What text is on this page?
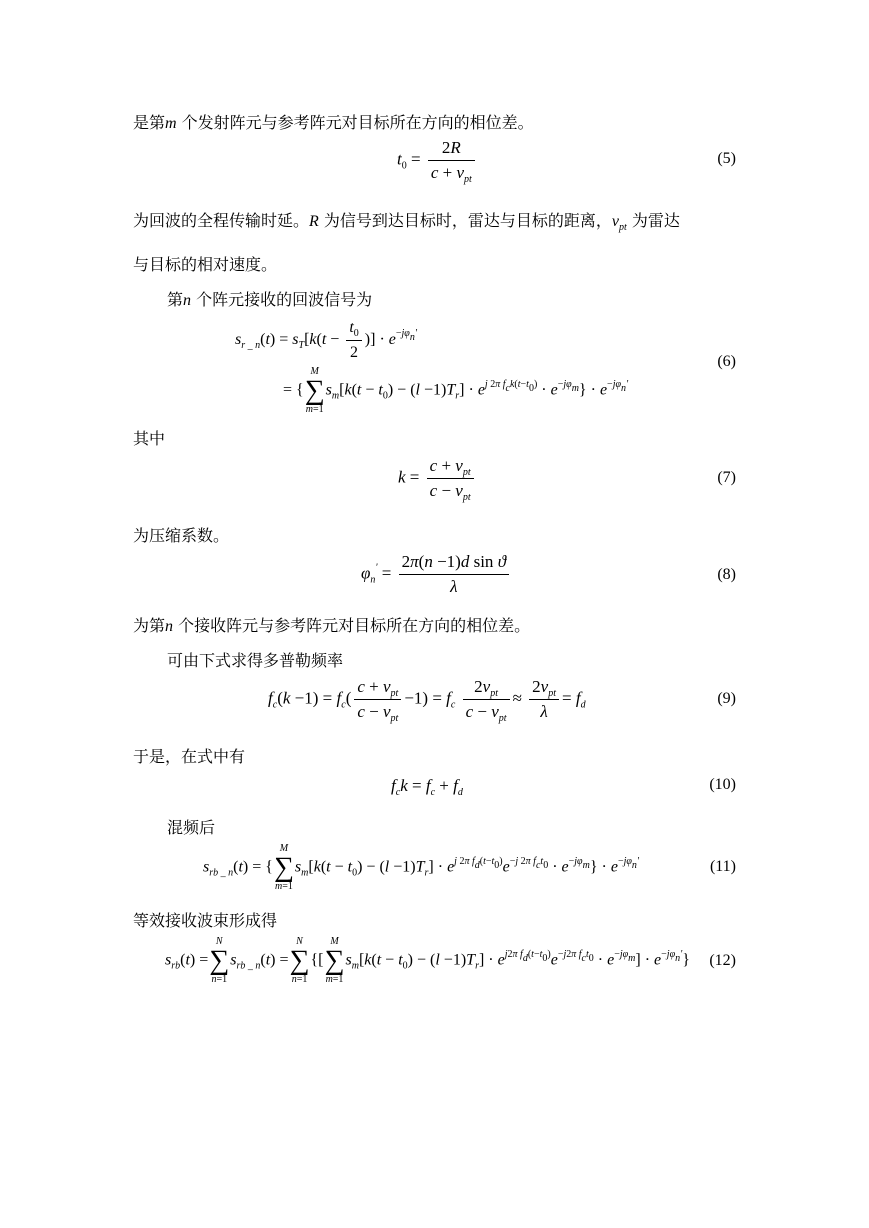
是第m 个发射阵元与参考阵元对目标所在方向的相位差。
$t_0 = \frac{2R}{c + v_{pt}}$	(5)
为回波的全程传输时延。R 为信号到达目标时，雷达与目标的距离，$v_{pt}$ 为雷达
与目标的相对速度。
第n 个阵元接收的回波信号为
$s_{r \_ n}(t) = s_T[k(t - \frac{t_0}{2}$ )] · $e^{-j\varphi_n'}$
= {
M
∑
m=1
$s_m[k(t - t_0) - (l -1)T_r] \cdot e^{j 2\pi f_ck(t-t_0)} \cdot e^{-j\varphi_m}\} \cdot e^{-j\varphi_n'}$
(6)
其中
$k = \frac{c + v_{pt}}{c - v_{pt}}$	(7)
为压缩系数。
$\varphi_n' = \frac{\text{2π(n −1)d sin ϑ}}{\lambda}$	(8)
为第n 个接收阵元与参考阵元对目标所在方向的相位差。
可由下式求得多普勒频率
$f_c(k -1) = f_c( \frac{c + v_{pt}}{c - v_{pt}} -1) = f_c \frac{2v_{pt}}{c - v_{pt}} \approx \frac{2v_{pt}}{\lambda} = f_d$	(9)
于是，在式中有
$f_ck = f_c + f_d$	(10)
混频后
$s_{rb \_ n}(t)$ = {
M
∑
m=1
$s_m[k(t - t_0) - (l -1)T_r] \cdot e^{j 2\pi f_d(t-t_0)}e^{-j 2\pi f_ct_0} \cdot e^{-j\varphi_m}\} \cdot e^{-j\varphi_n'}$	(11)
等效接收波束形成得
$s_{rb}(t)$ =
N
∑
n=1
$s_{rb \_ n}(t)$ =
N
∑
n=1
{[
M
∑
m=1
$s_m[k(t - t_0) - (l -1)T_r] \cdot e^{j2\pi f_d(t-t_0)}e^{-j2\pi f_ct_0} \cdot e^{-j\varphi_m}] \cdot e^{-j\varphi_n'}$} (12)
